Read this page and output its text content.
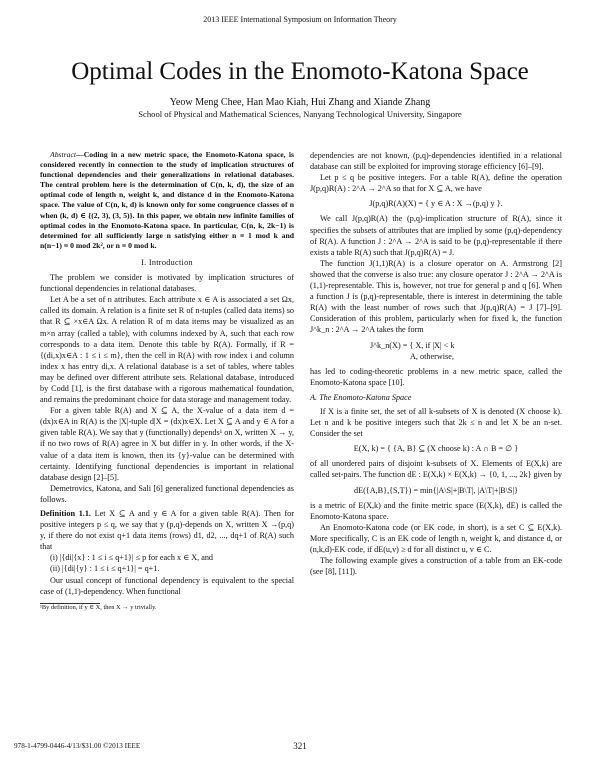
2013 IEEE International Symposium on Information Theory
Optimal Codes in the Enomoto-Katona Space
Yeow Meng Chee, Han Mao Kiah, Hui Zhang and Xiande Zhang
School of Physical and Mathematical Sciences, Nanyang Technological University, Singapore

Abstract—Coding in a new metric space, the Enomoto-Katona space, is considered recently in connection to the study of implication structures of functional dependencies and their generalizations in relational databases. The central problem here is the determination of C(n, k, d), the size of an optimal code of length n, weight k, and distance d in the Enomoto-Katona space. The value of C(n, k, d) is known only for some congruence classes of n when (k, d) ∈ {(2, 3), (3, 5)}. In this paper, we obtain new infinite families of optimal codes in the Enomoto-Katona space. In particular, C(n, k, 2k−1) is determined for all sufficiently large n satisfying either n ≡ 1 mod k and n(n−1) ≡ 0 mod 2k², or n ≡ 0 mod k.

I. Introduction

The problem we consider is motivated by implication structures of functional dependencies in relational databases.

Let A be a set of n attributes. Each attribute x ∈ A is associated a set Ωx, called its domain. A relation is a finite set R of n-tuples (called data items) so that R ⊆ ×x∈A Ωx. A relation R of m data items may be visualized as an m×n array (called a table), with columns indexed by A, such that each row corresponds to a data item. Denote this table by R(A). Formally, if R = {(di,x)x∈A : 1 ≤ i ≤ m}, then the cell in R(A) with row index i and column index x has entry di,x. A relational database is a set of tables, where tables may be defined over different attribute sets. Relational database, introduced by Codd [1], is the first database with a rigorous mathematical foundation, and remains the predominant choice for data storage and management today.

For a given table R(A) and X ⊆ A, the X-value of a data item d = (dx)x∈A in R(A) is the |X|-tuple d|X = (dx)x∈X. Let X ⊆ A and y ∈ A for a given table R(A). We say that y (functionally) depends¹ on X, written X → y, if no two rows of R(A) agree in X but differ in y. In other words, if the X-value of a data item is known, then its {y}-value can be determined with certainty. Identifying functional dependencies is important in relational database design [2]–[5].

Demetrovics, Katona, and Sali [6] generalized functional dependencies as follows.

Definition 1.1. Let X ⊆ A and y ∈ A for a given table R(A). Then for positive integers p ≤ q, we say that y (p,q)-depends on X, written X →(p,q) y, if there do not exist q+1 data items (rows) d1, d2, ..., dq+1 of R(A) such that

(i) |{di|{x} : 1 ≤ i ≤ q+1}| ≤ p for each x ∈ X, and

(ii) |{di|{y} : 1 ≤ i ≤ q+1}| = q+1.

Our usual concept of functional dependency is equivalent to the special case of (1,1)-dependency. When functional

¹By definition, if y ∈ X, then X → y trivially.

dependencies are not known, (p,q)-dependencies identified in a relational database can still be exploited for improving storage efficiency [6]–[9].

Let p ≤ q be positive integers. For a table R(A), define the operation J(p,q)R(A) : 2^A → 2^A so that for X ⊆ A, we have

J(p,q)R(A)(X) = { y ∈ A : X →(p,q) y }.

We call J(p,q)R(A) the (p,q)-implication structure of R(A), since it specifies the subsets of attributes that are implied by some (p,q)-dependency of R(A). A function J : 2^A → 2^A is said to be (p,q)-representable if there exists a table R(A) such that J(p,q)R(A) = J.

The function J(1,1)R(A) is a closure operator on A. Armstrong [2] showed that the converse is also true: any closure operator J : 2^A → 2^A is (1,1)-representable. This is, however, not true for general p and q [6]. When a function J is (p,q)-representable, there is interest in determining the table R(A) with the least number of rows such that J(p,q)R(A) = J [7]–[9]. Consideration of this problem, particularly when for fixed k, the function J^k_n : 2^A → 2^A takes the form

J^k_n(X) = { X, if |X| < k
A, otherwise,

has led to coding-theoretic problems in a new metric space, called the Enomoto-Katona space [10].

A. The Enomoto-Katona Space

If X is a finite set, the set of all k-subsets of X is denoted (X choose k). Let n and k be positive integers such that 2k ≤ n and let X be an n-set. Consider the set

E(X, k) = { {A, B} ⊆ (X choose k) : A ∩ B = ∅ }

of all unordered pairs of disjoint k-subsets of X. Elements of E(X,k) are called set-pairs. The function dE : E(X,k) × E(X,k) → {0, 1, ..., 2k} given by

dE({A,B},{S,T}) = min{|A\S|+|B\T|, |A\T|+|B\S|}

is a metric of E(X,k) and the finite metric space (E(X,k), dE) is called the Enomoto-Katona space.

An Enomoto-Katona code (or EK code, in short), is a set C ⊆ E(X,k). More specifically, C is an EK code of length n, weight k, and distance d, or (n,k,d)-EK code, if dE(u,v) ≥ d for all distinct u, v ∈ C.

The following example gives a construction of a table from an EK-code (see [8], [11]).

978-1-4799-0446-4/13/$31.00 ©2013 IEEE	321
